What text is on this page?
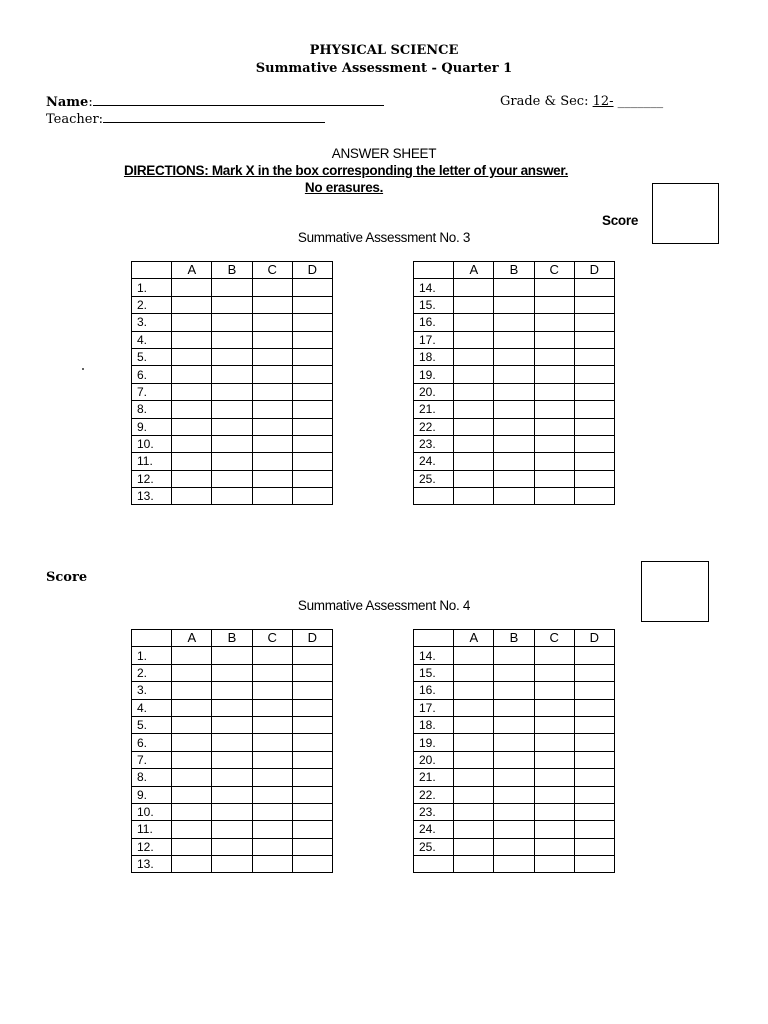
PHYSICAL SCIENCE
Summative Assessment - Quarter 1
Name:	Grade & Sec: 12- _______
Teacher:
ANSWER SHEET
DIRECTIONS: Mark X in the box corresponding the letter of your answer.
No erasures.
Score
Summative Assessment No. 3
	A	B	C	D
1.				
2.				
3.				
4.				
5.				
6.				
7.				
8.				
9.				
10.				
11.				
12.				
13.				
	A	B	C	D
14.				
15.				
16.				
17.				
18.				
19.				
20.				
21.				
22.				
23.				
24.				
25.				

Score
Summative Assessment No. 4
	A	B	C	D
1.				
2.				
3.				
4.				
5.				
6.				
7.				
8.				
9.				
10.				
11.				
12.				
13.				
	A	B	C	D
14.				
15.				
16.				
17.				
18.				
19.				
20.				
21.				
22.				
23.				
24.				
25.				
